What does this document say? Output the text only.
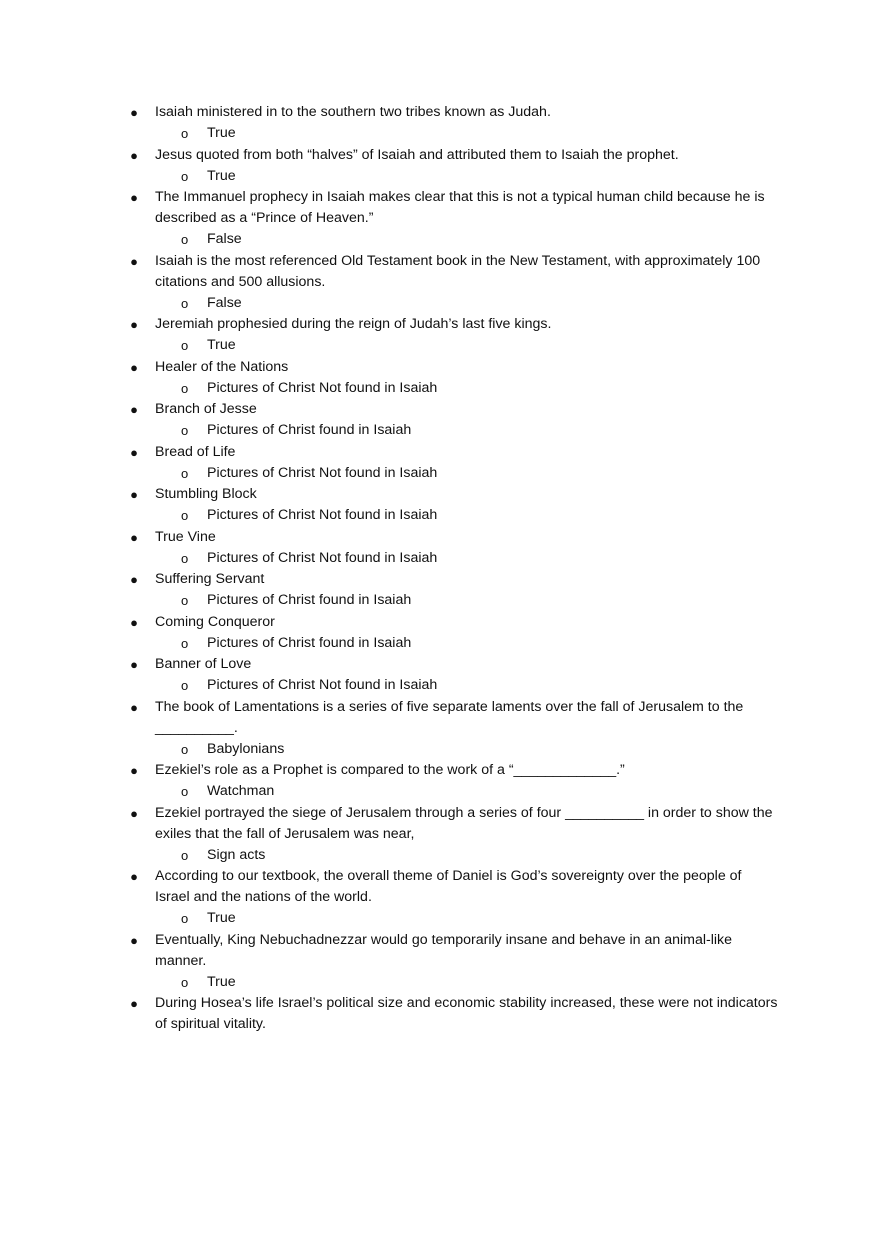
● Isaiah ministered in to the southern two tribes known as Judah.
o True
● Jesus quoted from both “halves” of Isaiah and attributed them to Isaiah the prophet.
o True
● The Immanuel prophecy in Isaiah makes clear that this is not a typical human child because he is described as a “Prince of Heaven.”
o False
● Isaiah is the most referenced Old Testament book in the New Testament, with approximately 100 citations and 500 allusions.
o False
● Jeremiah prophesied during the reign of Judah’s last five kings.
o True
● Healer of the Nations
o Pictures of Christ Not found in Isaiah
● Branch of Jesse
o Pictures of Christ found in Isaiah
● Bread of Life
o Pictures of Christ Not found in Isaiah
● Stumbling Block
o Pictures of Christ Not found in Isaiah
● True Vine
o Pictures of Christ Not found in Isaiah
● Suffering Servant
o Pictures of Christ found in Isaiah
● Coming Conqueror
o Pictures of Christ found in Isaiah
● Banner of Love
o Pictures of Christ Not found in Isaiah
● The book of Lamentations is a series of five separate laments over the fall of Jerusalem to the __________.
o Babylonians
● Ezekiel’s role as a Prophet is compared to the work of a “_____________.”
o Watchman
● Ezekiel portrayed the siege of Jerusalem through a series of four __________ in order to show the exiles that the fall of Jerusalem was near,
o Sign acts
● According to our textbook, the overall theme of Daniel is God’s sovereignty over the people of Israel and the nations of the world.
o True
● Eventually, King Nebuchadnezzar would go temporarily insane and behave in an animal-like manner.
o True
● During Hosea’s life Israel’s political size and economic stability increased, these were not indicators of spiritual vitality.
